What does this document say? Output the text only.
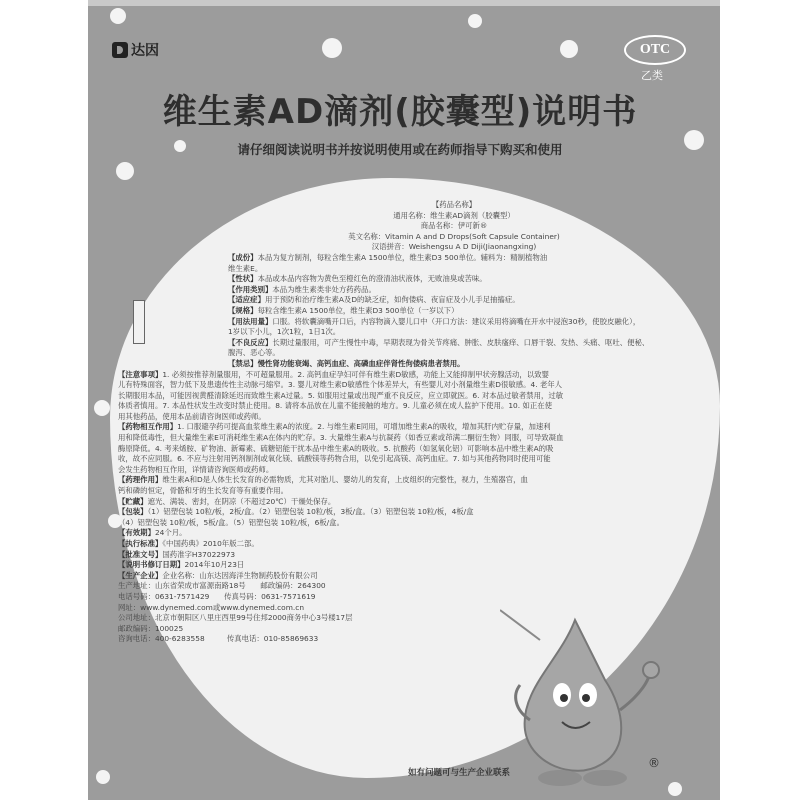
达因	OTC
乙类
维生素AD滴剂(胶囊型)说明书
请仔细阅读说明书并按说明使用或在药师指导下购买和使用
【药品名称】
通用名称：维生素AD滴剂（胶囊型）
商品名称：伊可新®
英文名称：Vitamin A and D Drops(Soft Capsule Container)
汉语拼音：Weishengsu A D Diji(Jiaonangxing)
【成份】本品为复方制剂，每粒含维生素A 1500单位，维生素D3 500单位。辅料为：精制植物油
维生素E。
【性状】本品或本品内容物为黄色至橙红色的澄清油状液体，无败油臭或苦味。
【作用类别】本品为维生素类非处方药药品。
【适应症】用于预防和治疗维生素A及D的缺乏症，如佝偻病、夜盲症及小儿手足抽搐症。
【规格】每粒含维生素A 1500单位，维生素D3 500单位（一岁以下）
【用法用量】口服。将软囊滴嘴开口后，内容物滴入婴儿口中（开口方法：建议采用将滴嘴在开水中浸泡30秒，使胶皮融化），
1岁以下小儿，1次1粒，1日1次。
【不良反应】长期过量服用，可产生慢性中毒，早期表现为骨关节疼痛、肿胀、皮肤瘙痒、口唇干裂、发热、头痛、呕吐、便秘、
腹泻、恶心等。
【禁忌】慢性肾功能衰竭、高钙血症、高磷血症伴肾性佝偻病患者禁用。
【注意事项】1. 必须按推荐剂量服用，不可超量服用。2. 高钙血症孕妇可伴有维生素D敏感，功能上又能抑制甲状旁腺活动，以致婴
儿有特殊面容，智力低下及患遗传性主动脉弓缩窄。3. 婴儿对维生素D敏感性个体差异大，有些婴儿对小剂量维生素D很敏感。4. 老年人
长期服用本品，可能因视黄醛清除延迟而致维生素A过量。5. 如服用过量或出现严重不良反应，应立即就医。6. 对本品过敏者禁用，过敏
体质者慎用。7. 本品性状发生改变时禁止使用。8. 请将本品放在儿童不能接触的地方。9. 儿童必须在成人监护下使用。10. 如正在使
用其他药品，使用本品前请咨询医师或药师。
【药物相互作用】1. 口服避孕药可提高血浆维生素A的浓度。2. 与维生素E同用，可增加维生素A的吸收，增加其肝内贮存量，加速利
用和降低毒性，但大量维生素E可消耗维生素A在体内的贮存。3. 大量维生素A与抗凝药（如香豆素或茚满二酮衍生物）同服，可导致凝血
酶原降低。4. 考来烯胺、矿物油、新霉素、硫糖铝能干扰本品中维生素A的吸收。5. 抗酸药（如氢氧化铝）可影响本品中维生素A的吸
收，故不应同服。6. 不应与注射用钙剂制剂或氧化镁、硫酸镁等药物合用，以免引起高镁、高钙血症。7. 如与其他药物同时使用可能
会发生药物相互作用，详情请咨询医师或药师。
【药理作用】维生素A和D是人体生长发育的必需物质，尤其对胎儿、婴幼儿的发育，上皮组织的完整性，视力，生殖器官，血
钙和磷的恒定，骨骼和牙的生长发育等有重要作用。
【贮藏】遮光、满装、密封，在阴凉（不超过20℃）干燥处保存。
【包装】（1）铝塑包装 10粒/板，2板/盒。（2）铝塑包装 10粒/板，3板/盒。（3）铝塑包装 10粒/板，4板/盒
（4）铝塑包装 10粒/板，5板/盒。（5）铝塑包装 10粒/板，6板/盒。
【有效期】24个月。
【执行标准】《中国药典》2010年版二部。
【批准文号】国药准字H37022973
【说明书修订日期】2014年10月23日
【生产企业】企业名称：山东达因海洋生物制药股份有限公司
生产地址：山东省荣成市富源南路18号　　邮政编码：264300
电话号码：0631-7571429　　传真号码：0631-7571619
网址：www.dynemed.com或www.dynemed.com.cn
公司地址：北京市朝阳区八里庄西里99号住邦2000商务中心3号楼17层
邮政编码：100025
咨询电话：400-6283558　　　传真电话：010-85869633
如有问题可与生产企业联系
®
